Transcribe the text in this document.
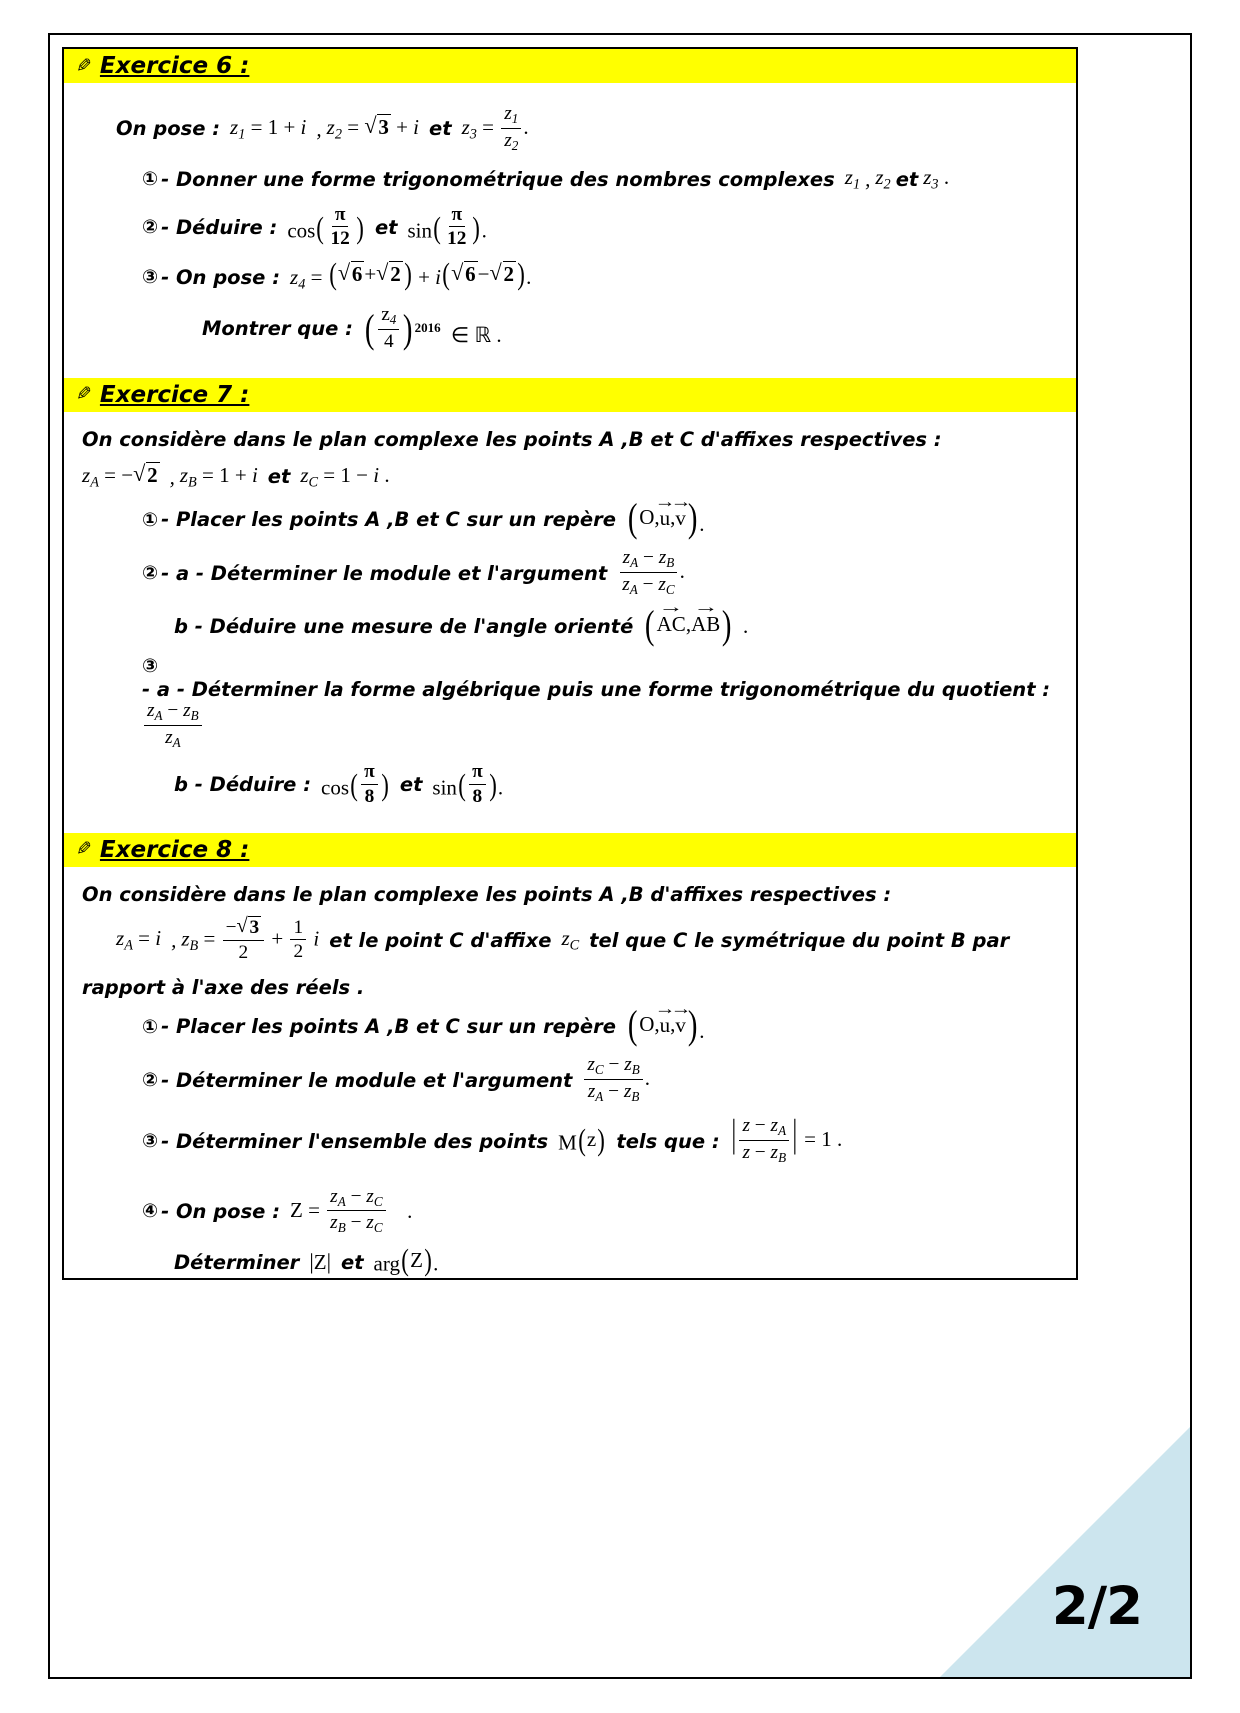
2/2
✎ Exercice 6 :
On pose : $z_1 = 1 + i$ , $z_2$ = √ 3 + i et $z_3 = \frac{z_1}{z_2}$ .
① - Donner une forme trigonométrique des nombres complexes $z_1$ , $z_2$ et $z_3$ .
② - Déduire : cos ( $\frac{\pi}{12}$ ) et sin ( $\frac{\pi}{12}$ ) .
③ - On pose : $z_4$ = ( √ 6 + √ 2 ) + i ( √ 6 − √ 2 ) .
Montrer que : ( $\frac{z_4}{4}$ ) $^{2016}$ ∈ ℝ .
✎ Exercice 7 :
On considère dans le plan complexe les points A ,B et C d'affixes respectives :
$z_A$ = − √ 2 , $z_B = 1 + i$ et $z_C = 1 - i$ .
① - Placer les points A ,B et C sur un repère ( O , u → , v → ) .
② - a - Déterminer le module et l'argument $\frac{z_A - z_B}{z_A - z_C}$ .
b - Déduire une mesure de l'angle orienté ( AC → , AB → ) .
③
- a - Déterminer la forme algébrique puis une forme trigonométrique du quotient :
$\frac{z_A - z_B}{z_A}$
b - Déduire : cos ( $\frac{\pi}{8}$ ) et sin ( $\frac{\pi}{8}$ ) .
✎ Exercice 8 :
On considère dans le plan complexe les points A ,B d'affixes respectives :
$z_A = i$ , $z_B = \frac{- √ 3}{2} + \frac{1}{2}$ i et le point C d'affixe $z_C$ tel que C le symétrique du point B par
rapport à l'axe des réels .
① - Placer les points A ,B et C sur un repère ( O , u → , v → ) .
② - Déterminer le module et l'argument $\frac{z_C - z_B}{z_A - z_B}$ .
③ - Déterminer l'ensemble des points M ( z ) tels que : | $\frac{z - z_A}{z - z_B}$ | = 1 .
④ - On pose : $Z = \frac{z_A - z_C}{z_B - z_C}$ .
Déterminer |Z| et arg ( Z ) .
